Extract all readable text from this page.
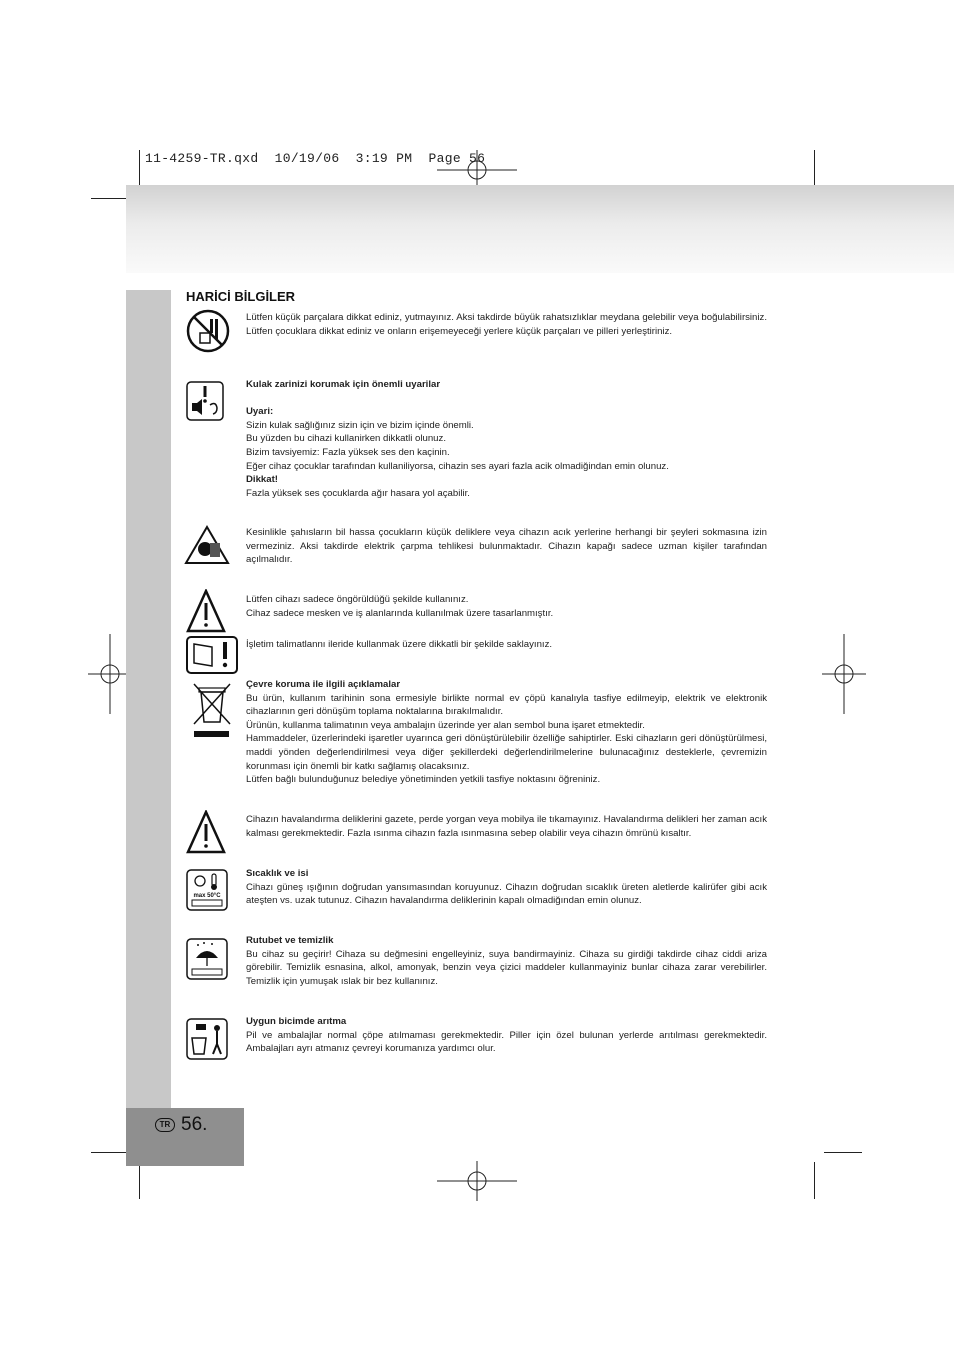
11-4259-TR.qxd  10/19/06  3:19 PM  Page 56
TR 56.
HARİCİ BİLGİLER
max 50°C

Lütfen küçük parçalara dikkat ediniz, yutmayınız. Aksi takdirde büyük rahatsızlıklar meydana gelebilir veya boğulabilirsiniz. Lütfen çocuklara dikkat ediniz ve onların erişemeyeceği yerlere küçük parçaları ve pilleri yerleştiriniz.

Kulak zarinizi korumak için önemli uyarilar

Uyari:

Sizin kulak sağlığınız sizin için ve bizim içinde önemli.

Bu yüzden bu cihazi kullanirken dikkatli olunuz.

Bizim tavsiyemiz: Fazla yüksek ses den kaçinin.

Eğer cihaz çocuklar tarafından kullaniliyorsa, cihazin ses ayari fazla acik olmadiğindan emin olunuz.

Dikkat!

Fazla yüksek ses çocuklarda ağır hasara yol açabilir.

Kesinlikle şahısların bil hassa çocukların küçük deliklere veya cihazın acık yerlerine herhangi bir şeyleri sokmasına izin vermeziniz. Aksi takdirde elektrik çarpma tehlikesi bulunmaktadır. Cihazın kapağı sadece uzman kişiler tarafından açılmalıdır.

Lütfen cihazı sadece öngörüldüğü şekilde kullanınız.

Cihaz sadece mesken ve iş alanlarında kullanılmak üzere tasarlanmıştır.

İşletim talimatlannı ileride kullanmak üzere dikkatli bir şekilde saklayınız.

Çevre koruma ile ilgili açıklamalar

Bu ürün, kullanım tarihinin sona ermesiyle birlikte normal ev çöpü kanalıyla tasfiye edilmeyip, elektrik ve elektronik cihazlarının geri dönüşüm toplama noktalarına bırakılmalıdır.

Ürünün, kullanma talimatının veya ambalajın üzerinde yer alan sembol buna işaret etmektedir.

Hammaddeler, üzerlerindeki işaretler uyarınca geri dönüştürülebilir özelliğe sahiptirler. Eski cihazların geri dönüştürülmesi, maddi yönden değerlendirilmesi veya diğer şekillerdeki değerlendirilmelerine bulunacağınız desteklerle, çevremizin korunması için önemli bir katkı sağlamış olacaksınız.

Lütfen bağlı bulunduğunuz belediye yönetiminden yetkili tasfiye noktasını öğreniniz.

Cihazın havalandırma deliklerini gazete, perde yorgan veya mobilya ile tıkamayınız. Havalandırma delikleri her zaman acık kalması gerekmektedir. Fazla ısınma cihazın fazla ısınmasına sebep olabilir veya cihazın ömrünü kısaltır.

Sıcaklık ve isi

Cihazı güneş ışığının doğrudan yansımasından koruyunuz. Cihazın doğrudan sıcaklık üreten aletlerde kalirüfer gibi acık ateşten vs. uzak tutunuz. Cihazın havalandırma deliklerinin kapalı olmadiğından emin olunuz.

Rutubet ve temizlik

Bu cihaz su geçirir! Cihaza su değmesini engelleyiniz, suya bandirmayiniz. Cihaza su girdiği takdirde cihaz ciddi ariza görebilir. Temizlik esnasina, alkol, amonyak, benzin veya çizici maddeler kullanmayiniz bunlar cihaza zarar verebilirler. Temizlik için yumuşak ıslak bir bez kullanınız.

Uygun bicimde arıtma

Pil ve ambalajlar normal çöpe atılmaması gerekmektedir. Piller için özel bulunan yerlerde arıtılması gerekmektedir. Ambalajları ayrı atmanız çevreyi korumanıza yardımcı olur.
